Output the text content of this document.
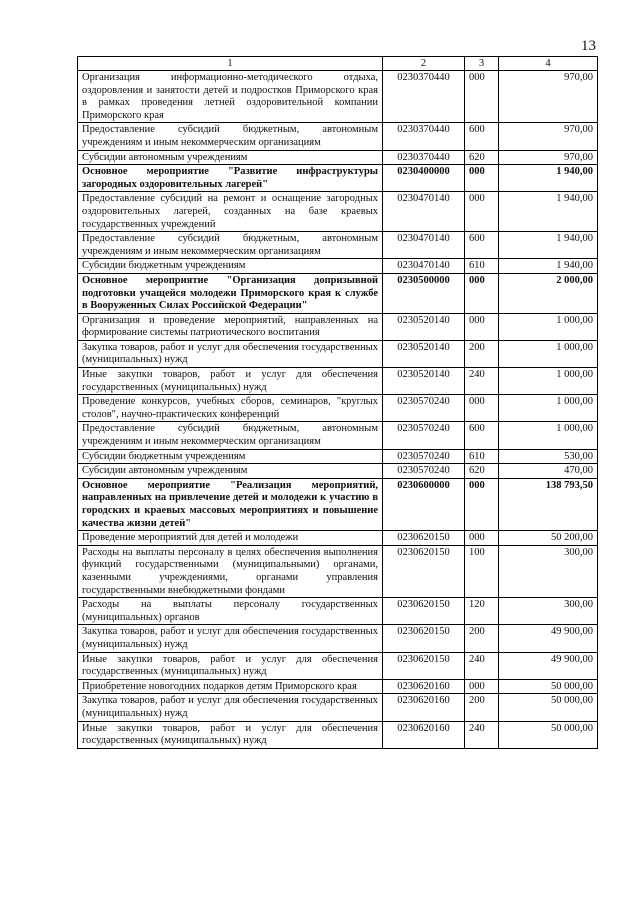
13
1	2	3	4
Организация информационно-методического отдыха, оздоровления и занятости детей и подростков Приморского края в рамках проведения летней оздоровительной компании Приморского края	0230370440	000	970,00
Предоставление субсидий бюджетным, автономным учреждениям и иным некоммерческим организациям	0230370440	600	970,00
Субсидии автономным учреждениям	0230370440	620	970,00
Основное мероприятие "Развитие инфраструктуры загородных оздоровительных лагерей"	0230400000	000	1 940,00
Предоставление субсидий на ремонт и оснащение загородных оздоровительных лагерей, созданных на базе краевых государственных учреждений	0230470140	000	1 940,00
Предоставление субсидий бюджетным, автономным учреждениям и иным некоммерческим организациям	0230470140	600	1 940,00
Субсидии бюджетным учреждениям	0230470140	610	1 940,00
Основное мероприятие "Организация допризывной подготовки учащейся молодежи Приморского края к службе в Вооруженных Силах Российской Федерации"	0230500000	000	2 000,00
Организация и проведение мероприятий, направленных на формирование системы патриотического воспитания	0230520140	000	1 000,00
Закупка товаров, работ и услуг для обеспечения государственных (муниципальных) нужд	0230520140	200	1 000,00
Иные закупки товаров, работ и услуг для обеспечения государственных (муниципальных) нужд	0230520140	240	1 000,00
Проведение конкурсов, учебных сборов, семинаров, "круглых столов", научно-практических конференций	0230570240	000	1 000,00
Предоставление субсидий бюджетным, автономным учреждениям и иным некоммерческим организациям	0230570240	600	1 000,00
Субсидии бюджетным учреждениям	0230570240	610	530,00
Субсидии автономным учреждениям	0230570240	620	470,00
Основное мероприятие "Реализация мероприятий, направленных на привлечение детей и молодежи к участию в городских и краевых массовых мероприятиях и повышение качества жизни детей"	0230600000	000	138 793,50
Проведение мероприятий для детей и молодежи	0230620150	000	50 200,00
Расходы на выплаты персоналу в целях обеспечения выполнения функций государственными (муниципальными) органами, казенными учреждениями, органами управления государственными внебюджетными фондами	0230620150	100	300,00
Расходы на выплаты персоналу государственных (муниципальных) органов	0230620150	120	300,00
Закупка товаров, работ и услуг для обеспечения государственных (муниципальных) нужд	0230620150	200	49 900,00
Иные закупки товаров, работ и услуг для обеспечения государственных (муниципальных) нужд	0230620150	240	49 900,00
Приобретение новогодних подарков детям Приморского края	0230620160	000	50 000,00
Закупка товаров, работ и услуг для обеспечения государственных (муниципальных) нужд	0230620160	200	50 000,00
Иные закупки товаров, работ и услуг для обеспечения государственных (муниципальных) нужд	0230620160	240	50 000,00
